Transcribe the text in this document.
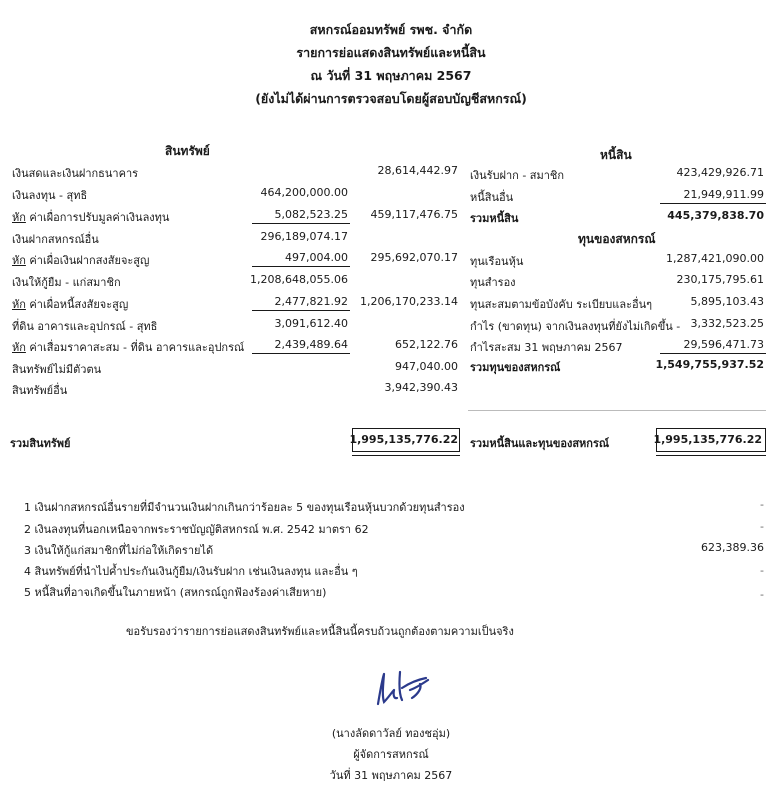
สหกรณ์ออมทรัพย์ รพช. จำกัด
รายการย่อแสดงสินทรัพย์และหนี้สิน
ณ วันที่ 31 พฤษภาคม 2567
(ยังไม่ได้ผ่านการตรวจสอบโดยผู้สอบบัญชีสหกรณ์)
สินทรัพย์	หนี้สิน
เงินสดและเงินฝากธนาคาร	28,614,442.97
เงินลงทุน - สุทธิ	464,200,000.00
หัก ค่าเผื่อการปรับมูลค่าเงินลงทุน	5,082,523.25	459,117,476.75
เงินฝากสหกรณ์อื่น	296,189,074.17
หัก ค่าเผื่อเงินฝากสงสัยจะสูญ	497,004.00	295,692,070.17
เงินให้กู้ยืม - แก่สมาชิก	1,208,648,055.06
หัก ค่าเผื่อหนี้สงสัยจะสูญ	2,477,821.92	1,206,170,233.14
ที่ดิน อาคารและอุปกรณ์ - สุทธิ	3,091,612.40
หัก ค่าเสื่อมราคาสะสม - ที่ดิน อาคารและอุปกรณ์	2,439,489.64	652,122.76
สินทรัพย์ไม่มีตัวตน	947,040.00
สินทรัพย์อื่น	3,942,390.43
เงินรับฝาก - สมาชิก	423,429,926.71
หนี้สินอื่น	21,949,911.99
รวมหนี้สิน	445,379,838.70
ทุนของสหกรณ์
ทุนเรือนหุ้น	1,287,421,090.00
ทุนสำรอง	230,175,795.61
ทุนสะสมตามข้อบังคับ ระเบียบและอื่นๆ	5,895,103.43
กำไร (ขาดทุน) จากเงินลงทุนที่ยังไม่เกิดขึ้น - 3,332,523.25
กำไรสะสม 31 พฤษภาคม 2567	29,596,471.73
รวมทุนของสหกรณ์	1,549,755,937.52
รวมสินทรัพย์	1,995,135,776.22 รวมหนี้สินและทุนของสหกรณ์	1,995,135,776.22
1 เงินฝากสหกรณ์อื่นรายที่มีจำนวนเงินฝากเกินกว่าร้อยละ 5 ของทุนเรือนหุ้นบวกด้วยทุนสำรอง	-
2 เงินลงทุนที่นอกเหนือจากพระราชบัญญัติสหกรณ์ พ.ศ. 2542 มาตรา 62	-
3 เงินให้กู้แก่สมาชิกที่ไม่ก่อให้เกิดรายได้	623,389.36
4 สินทรัพย์ที่นำไปค้ำประกันเงินกู้ยืม/เงินรับฝาก เช่นเงินลงทุน และอื่น ๆ	-
5 หนี้สินที่อาจเกิดขึ้นในภายหน้า (สหกรณ์ถูกฟ้องร้องค่าเสียหาย)	-
ขอรับรองว่ารายการย่อแสดงสินทรัพย์และหนี้สินนี้ครบถ้วนถูกต้องตามความเป็นจริง
(นางลัดดาวัลย์ ทองชอุ่ม)
ผู้จัดการสหกรณ์
วันที่ 31 พฤษภาคม 2567
